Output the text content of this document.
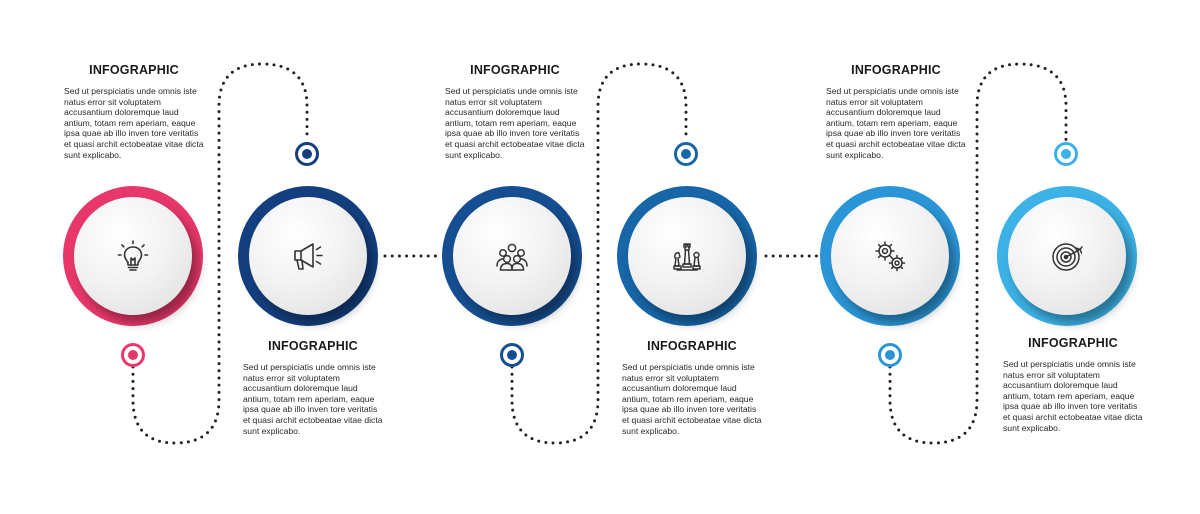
INFOGRAPHIC

Sed ut perspiciatis unde omnis iste natus error sit voluptatem accusantium doloremque laud antium, totam rem aperiam, eaque ipsa quae ab illo inven tore veritatis et quasi archit ectobeatae vitae dicta sunt explicabo.

INFOGRAPHIC

Sed ut perspiciatis unde omnis iste natus error sit voluptatem accusantium doloremque laud antium, totam rem aperiam, eaque ipsa quae ab illo inven tore veritatis et quasi archit ectobeatae vitae dicta sunt explicabo.

INFOGRAPHIC

Sed ut perspiciatis unde omnis iste natus error sit voluptatem accusantium doloremque laud antium, totam rem aperiam, eaque ipsa quae ab illo inven tore veritatis et quasi archit ectobeatae vitae dicta sunt explicabo.

INFOGRAPHIC

Sed ut perspiciatis unde omnis iste natus error sit voluptatem accusantium doloremque laud antium, totam rem aperiam, eaque ipsa quae ab illo inven tore veritatis et quasi archit ectobeatae vitae dicta sunt explicabo.

INFOGRAPHIC

Sed ut perspiciatis unde omnis iste natus error sit voluptatem accusantium doloremque laud antium, totam rem aperiam, eaque ipsa quae ab illo inven tore veritatis et quasi archit ectobeatae vitae dicta sunt explicabo.

INFOGRAPHIC

Sed ut perspiciatis unde omnis iste natus error sit voluptatem accusantium doloremque laud antium, totam rem aperiam, eaque ipsa quae ab illo inven tore veritatis et quasi archit ectobeatae vitae dicta sunt explicabo.
